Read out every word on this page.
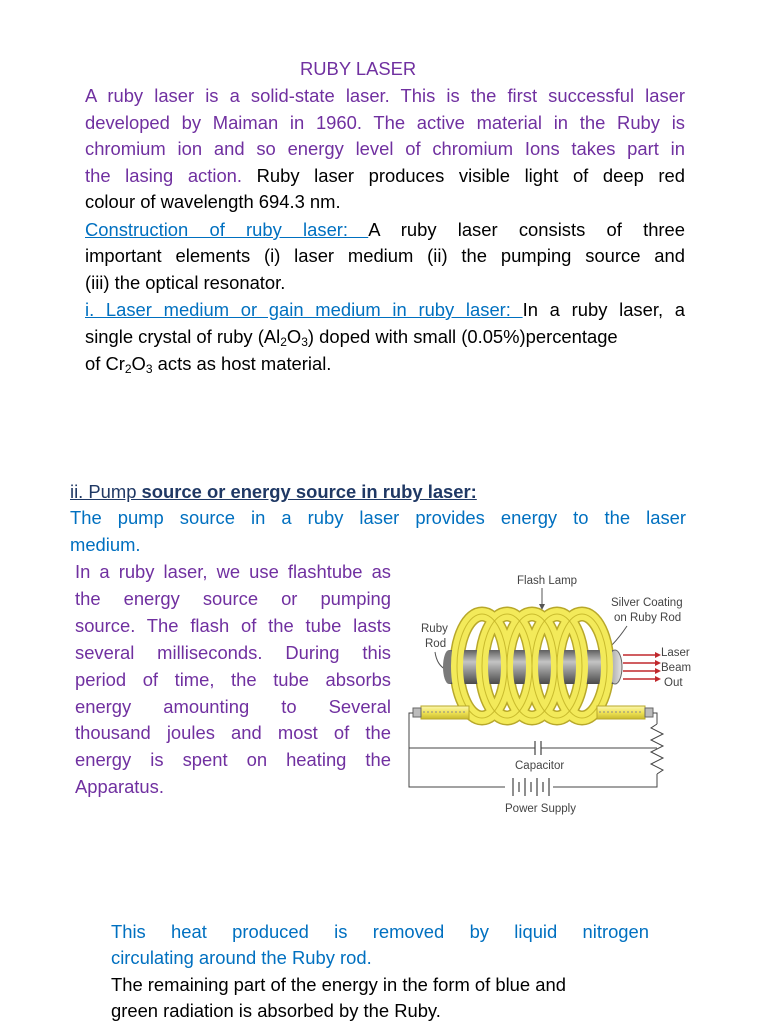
RUBY LASER
A ruby laser is a solid-state laser. This is the first successful laser
developed by Maiman in 1960. The active material in the Ruby is
chromium ion and so energy level of chromium Ions takes part in
the lasing action. Ruby laser produces visible light of deep red
colour of wavelength 694.3 nm.
Construction of ruby laser: A ruby laser consists of three
important elements (i) laser medium (ii) the pumping source and
(iii) the optical resonator.
i. Laser medium or gain medium in ruby laser: In a ruby laser, a
single crystal of ruby $(Al_2O_3)$ doped with small (0.05%)percentage
of $Cr_2O_3$ acts as host material.
ii. Pump source or energy source in ruby laser:
The pump source in a ruby laser provides energy to the laser
medium.
In a ruby laser, we use flashtube as
the energy source or pumping
source. The flash of the tube lasts
several milliseconds. During this
period of time, the tube absorbs
energy amounting to Several
thousand joules and most of the
energy is spent on heating the
Apparatus.
Flash Lamp
Silver Coating
on Ruby Rod
Ruby
Rod
Laser
Beam
Out
Capacitor
Power Supply
This heat produced is removed by liquid nitrogen
circulating around the Ruby rod.
The remaining part of the energy in the form of blue and
green radiation is absorbed by the Ruby.
